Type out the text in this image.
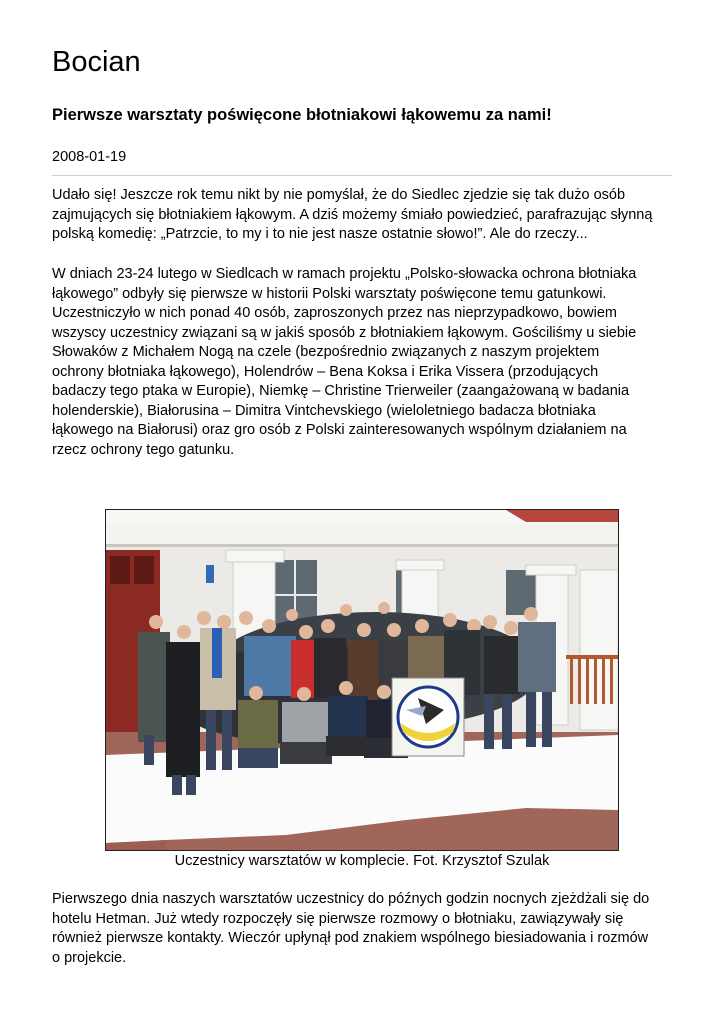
Bocian
Pierwsze warsztaty poświęcone błotniakowi łąkowemu za nami!
2008-01-19

Udało się! Jeszcze rok temu nikt by nie pomyślał, że do Siedlec zjedzie się tak dużo osób
zajmujących się błotniakiem łąkowym. A dziś możemy śmiało powiedzieć, parafrazując słynną
polską komedię: „Patrzcie, to my i to nie jest nasze ostatnie słowo!”. Ale do rzeczy...

W dniach 23-24 lutego w Siedlcach w ramach projektu „Polsko-słowacka ochrona błotniaka
łąkowego” odbyły się pierwsze w historii Polski warsztaty poświęcone temu gatunkowi.
Uczestniczyło w nich ponad 40 osób, zaproszonych przez nas nieprzypadkowo, bowiem
wszyscy uczestnicy związani są w jakiś sposób z błotniakiem łąkowym. Gościliśmy u siebie
Słowaków z Michałem Nogą na czele (bezpośrednio związanych z naszym projektem
ochrony błotniaka łąkowego), Holendrów – Bena Koksa i Erika Vissera (przodujących
badaczy tego ptaka w Europie), Niemkę – Christine Trierweiler (zaangażowaną w badania
holenderskie), Białorusina – Dimitra Vintchevskiego (wieloletniego badacza błotniaka
łąkowego na Białorusi) oraz gro osób z Polski zainteresowanych wspólnym działaniem na
rzecz ochrony tego gatunku.

Uczestnicy warsztatów w komplecie. Fot. Krzysztof Szulak

Pierwszego dnia naszych warsztatów uczestnicy do późnych godzin nocnych zjeżdżali się do
hotelu Hetman. Już wtedy rozpoczęły się pierwsze rozmowy o błotniaku, zawiązywały się
również pierwsze kontakty. Wieczór upłynął pod znakiem wspólnego biesiadowania i rozmów
o projekcie.
